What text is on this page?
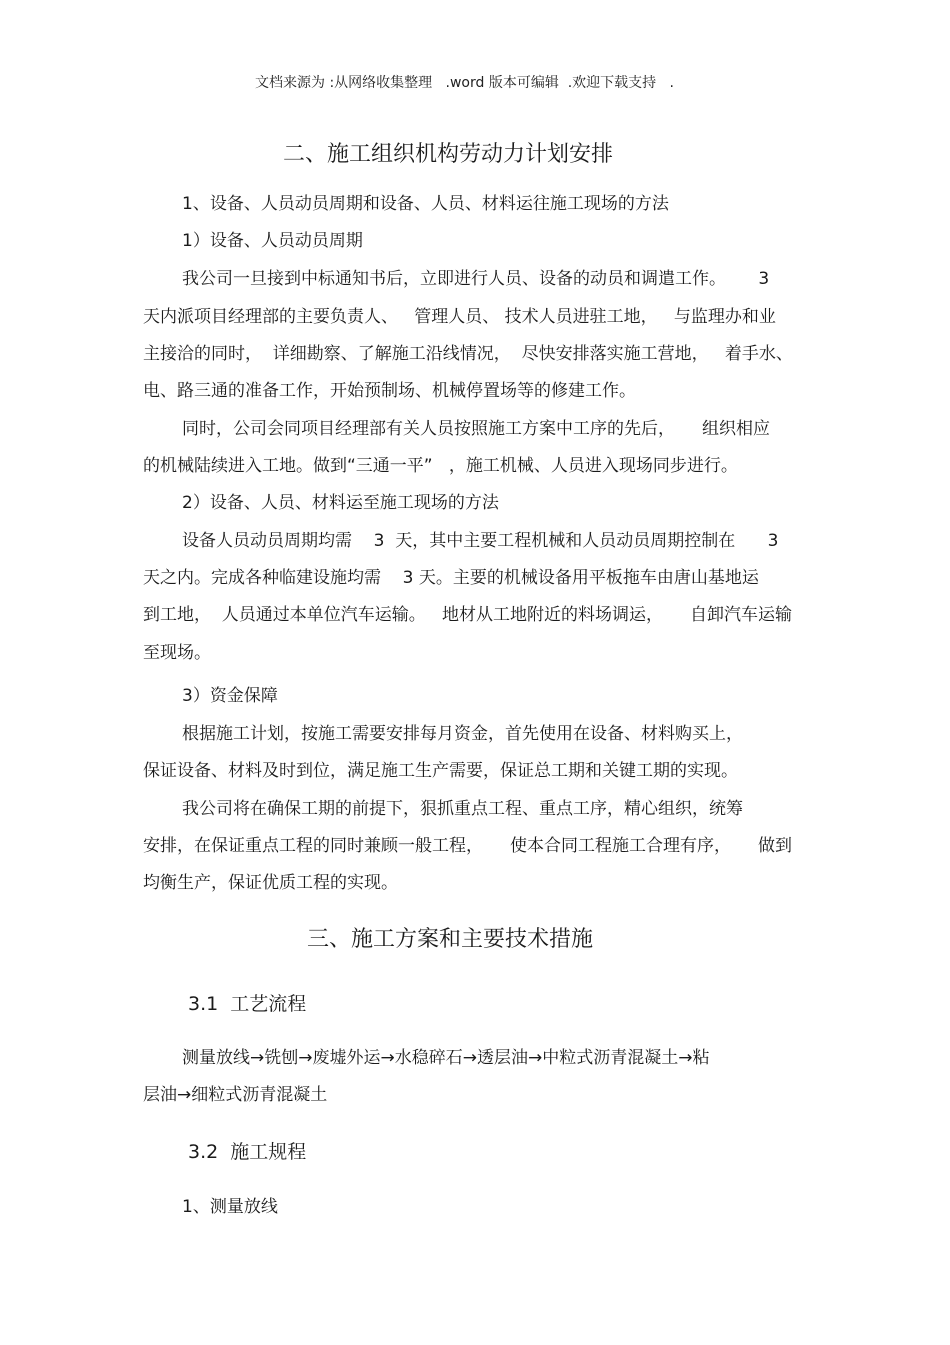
文档来源为 :从网络收集整理   .word 版本可编辑  .欢迎下载支持   .
二、施工组织机构劳动力计划安排
1、设备、人员动员周期和设备、人员、材料运往施工现场的方法
1）设备、人员动员周期
我公司一旦接到中标通知书后，立即进行人员、设备的动员和调遣工作。      3
天内派项目经理部的主要负责人、   管理人员、 技术人员进驻工地，   与监理办和业
主接洽的同时，  详细勘察、了解施工沿线情况，  尽快安排落实施工营地，   着手水、
电、路三通的准备工作，开始预制场、机械停置场等的修建工作。
同时，公司会同项目经理部有关人员按照施工方案中工序的先后，     组织相应
的机械陆续进入工地。做到“三通一平”   ，施工机械、人员进入现场同步进行。
2）设备、人员、材料运至施工现场的方法
设备人员动员周期均需    3  天，其中主要工程机械和人员动员周期控制在      3
天之内。完成各种临建设施均需    3 天。主要的机械设备用平板拖车由唐山基地运
到工地，  人员通过本单位汽车运输。   地材从工地附近的料场调运，     自卸汽车运输
至现场。
3）资金保障
根据施工计划，按施工需要安排每月资金，首先使用在设备、材料购买上，
保证设备、材料及时到位，满足施工生产需要，保证总工期和关键工期的实现。
我公司将在确保工期的前提下，狠抓重点工程、重点工序，精心组织，统筹
安排，在保证重点工程的同时兼顾一般工程，     使本合同工程施工合理有序，     做到
均衡生产，保证优质工程的实现。
三、施工方案和主要技术措施
3.1  工艺流程
测量放线→铣刨→废墟外运→水稳碎石→透层油→中粒式沥青混凝土→粘
层油→细粒式沥青混凝土
3.2  施工规程
1、测量放线
